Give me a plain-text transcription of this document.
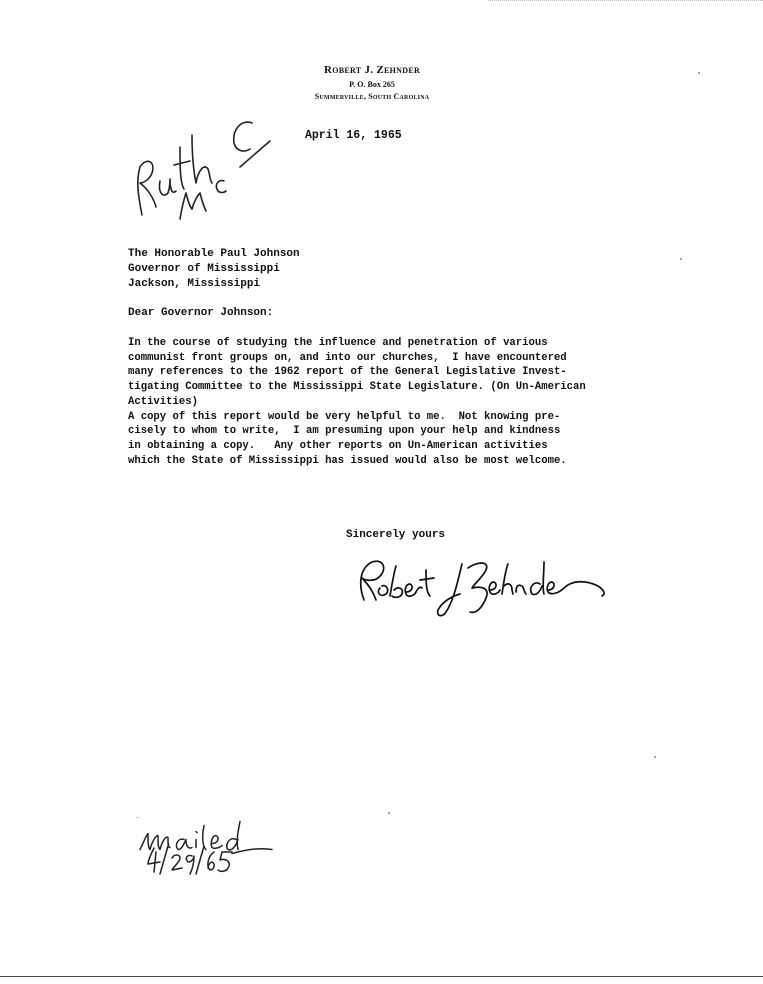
Robert J. Zehnder
P. O. Box 265
Summerville, South Carolina
April 16, 1965
The Honorable Paul Johnson
Governor of Mississippi
Jackson, Mississippi
Dear Governor Johnson:
In the course of studying the influence and penetration of various
communist front groups on, and into our churches,  I have encountered
many references to the 1962 report of the General Legislative Invest-
tigating Committee to the Mississippi State Legislature. (On Un-American
Activities)
A copy of this report would be very helpful to me.  Not knowing pre-
cisely to whom to write,  I am presuming upon your help and kindness
in obtaining a copy.   Any other reports on Un-American activities
which the State of Mississippi has issued would also be most welcome.
Sincerely yours
